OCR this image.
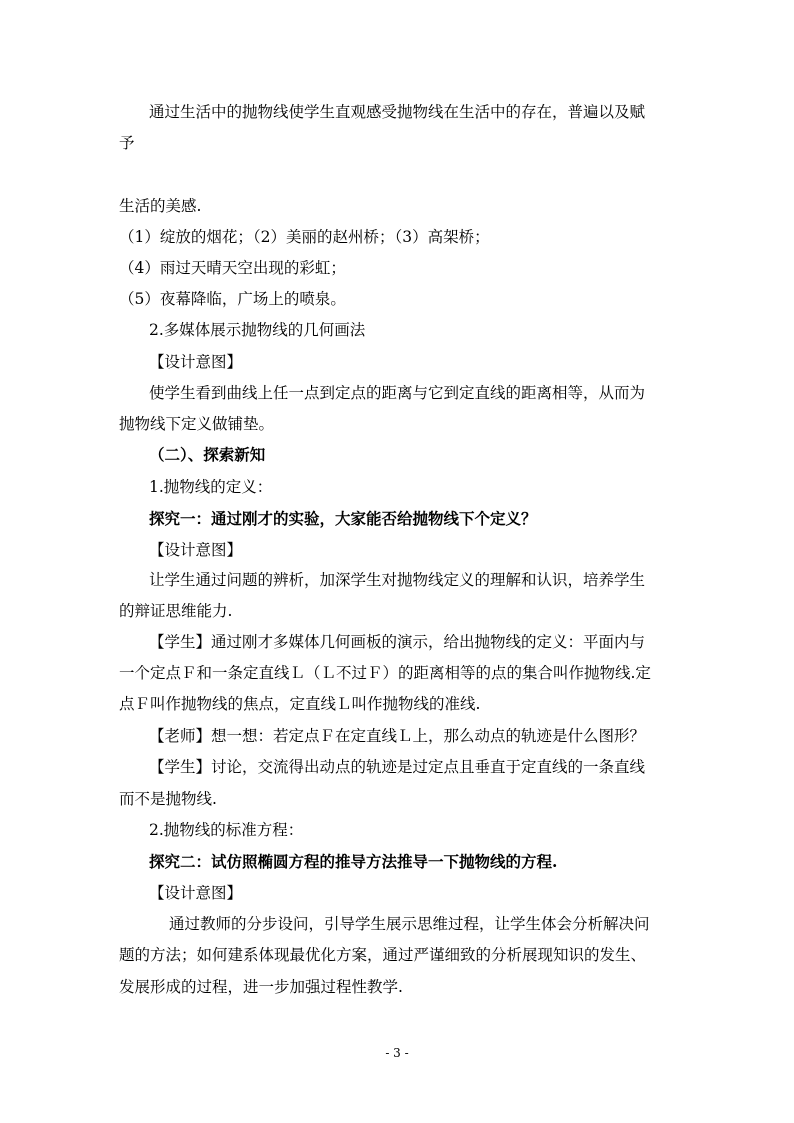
通过生活中的抛物线使学生直观感受抛物线在生活中的存在，普遍以及赋
予
生活的美感.
（1）绽放的烟花；（2）美丽的赵州桥；（3）高架桥；
（4）雨过天晴天空出现的彩虹；
（5）夜幕降临，广场上的喷泉。
2.多媒体展示抛物线的几何画法
【设计意图】
使学生看到曲线上任一点到定点的距离与它到定直线的距离相等，从而为
抛物线下定义做铺垫。
（二）、探索新知
1.抛物线的定义：
探究一：通过刚才的实验，大家能否给抛物线下个定义？
【设计意图】
让学生通过问题的辨析，加深学生对抛物线定义的理解和认识，培养学生
的辩证思维能力.
【学生】通过刚才多媒体几何画板的演示，给出抛物线的定义：平面内与
一个定点Ｆ和一条定直线Ｌ（Ｌ不过Ｆ）的距离相等的点的集合叫作抛物线.定
点Ｆ叫作抛物线的焦点，定直线Ｌ叫作抛物线的准线.
【老师】想一想：若定点Ｆ在定直线Ｌ上，那么动点的轨迹是什么图形？
【学生】讨论，交流得出动点的轨迹是过定点且垂直于定直线的一条直线
而不是抛物线.
2.抛物线的标准方程：
探究二：试仿照椭圆方程的推导方法推导一下抛物线的方程.
【设计意图】
通过教师的分步设问，引导学生展示思维过程，让学生体会分析解决问
题的方法；如何建系体现最优化方案，通过严谨细致的分析展现知识的发生、
发展形成的过程，进一步加强过程性教学.
- 3 -
